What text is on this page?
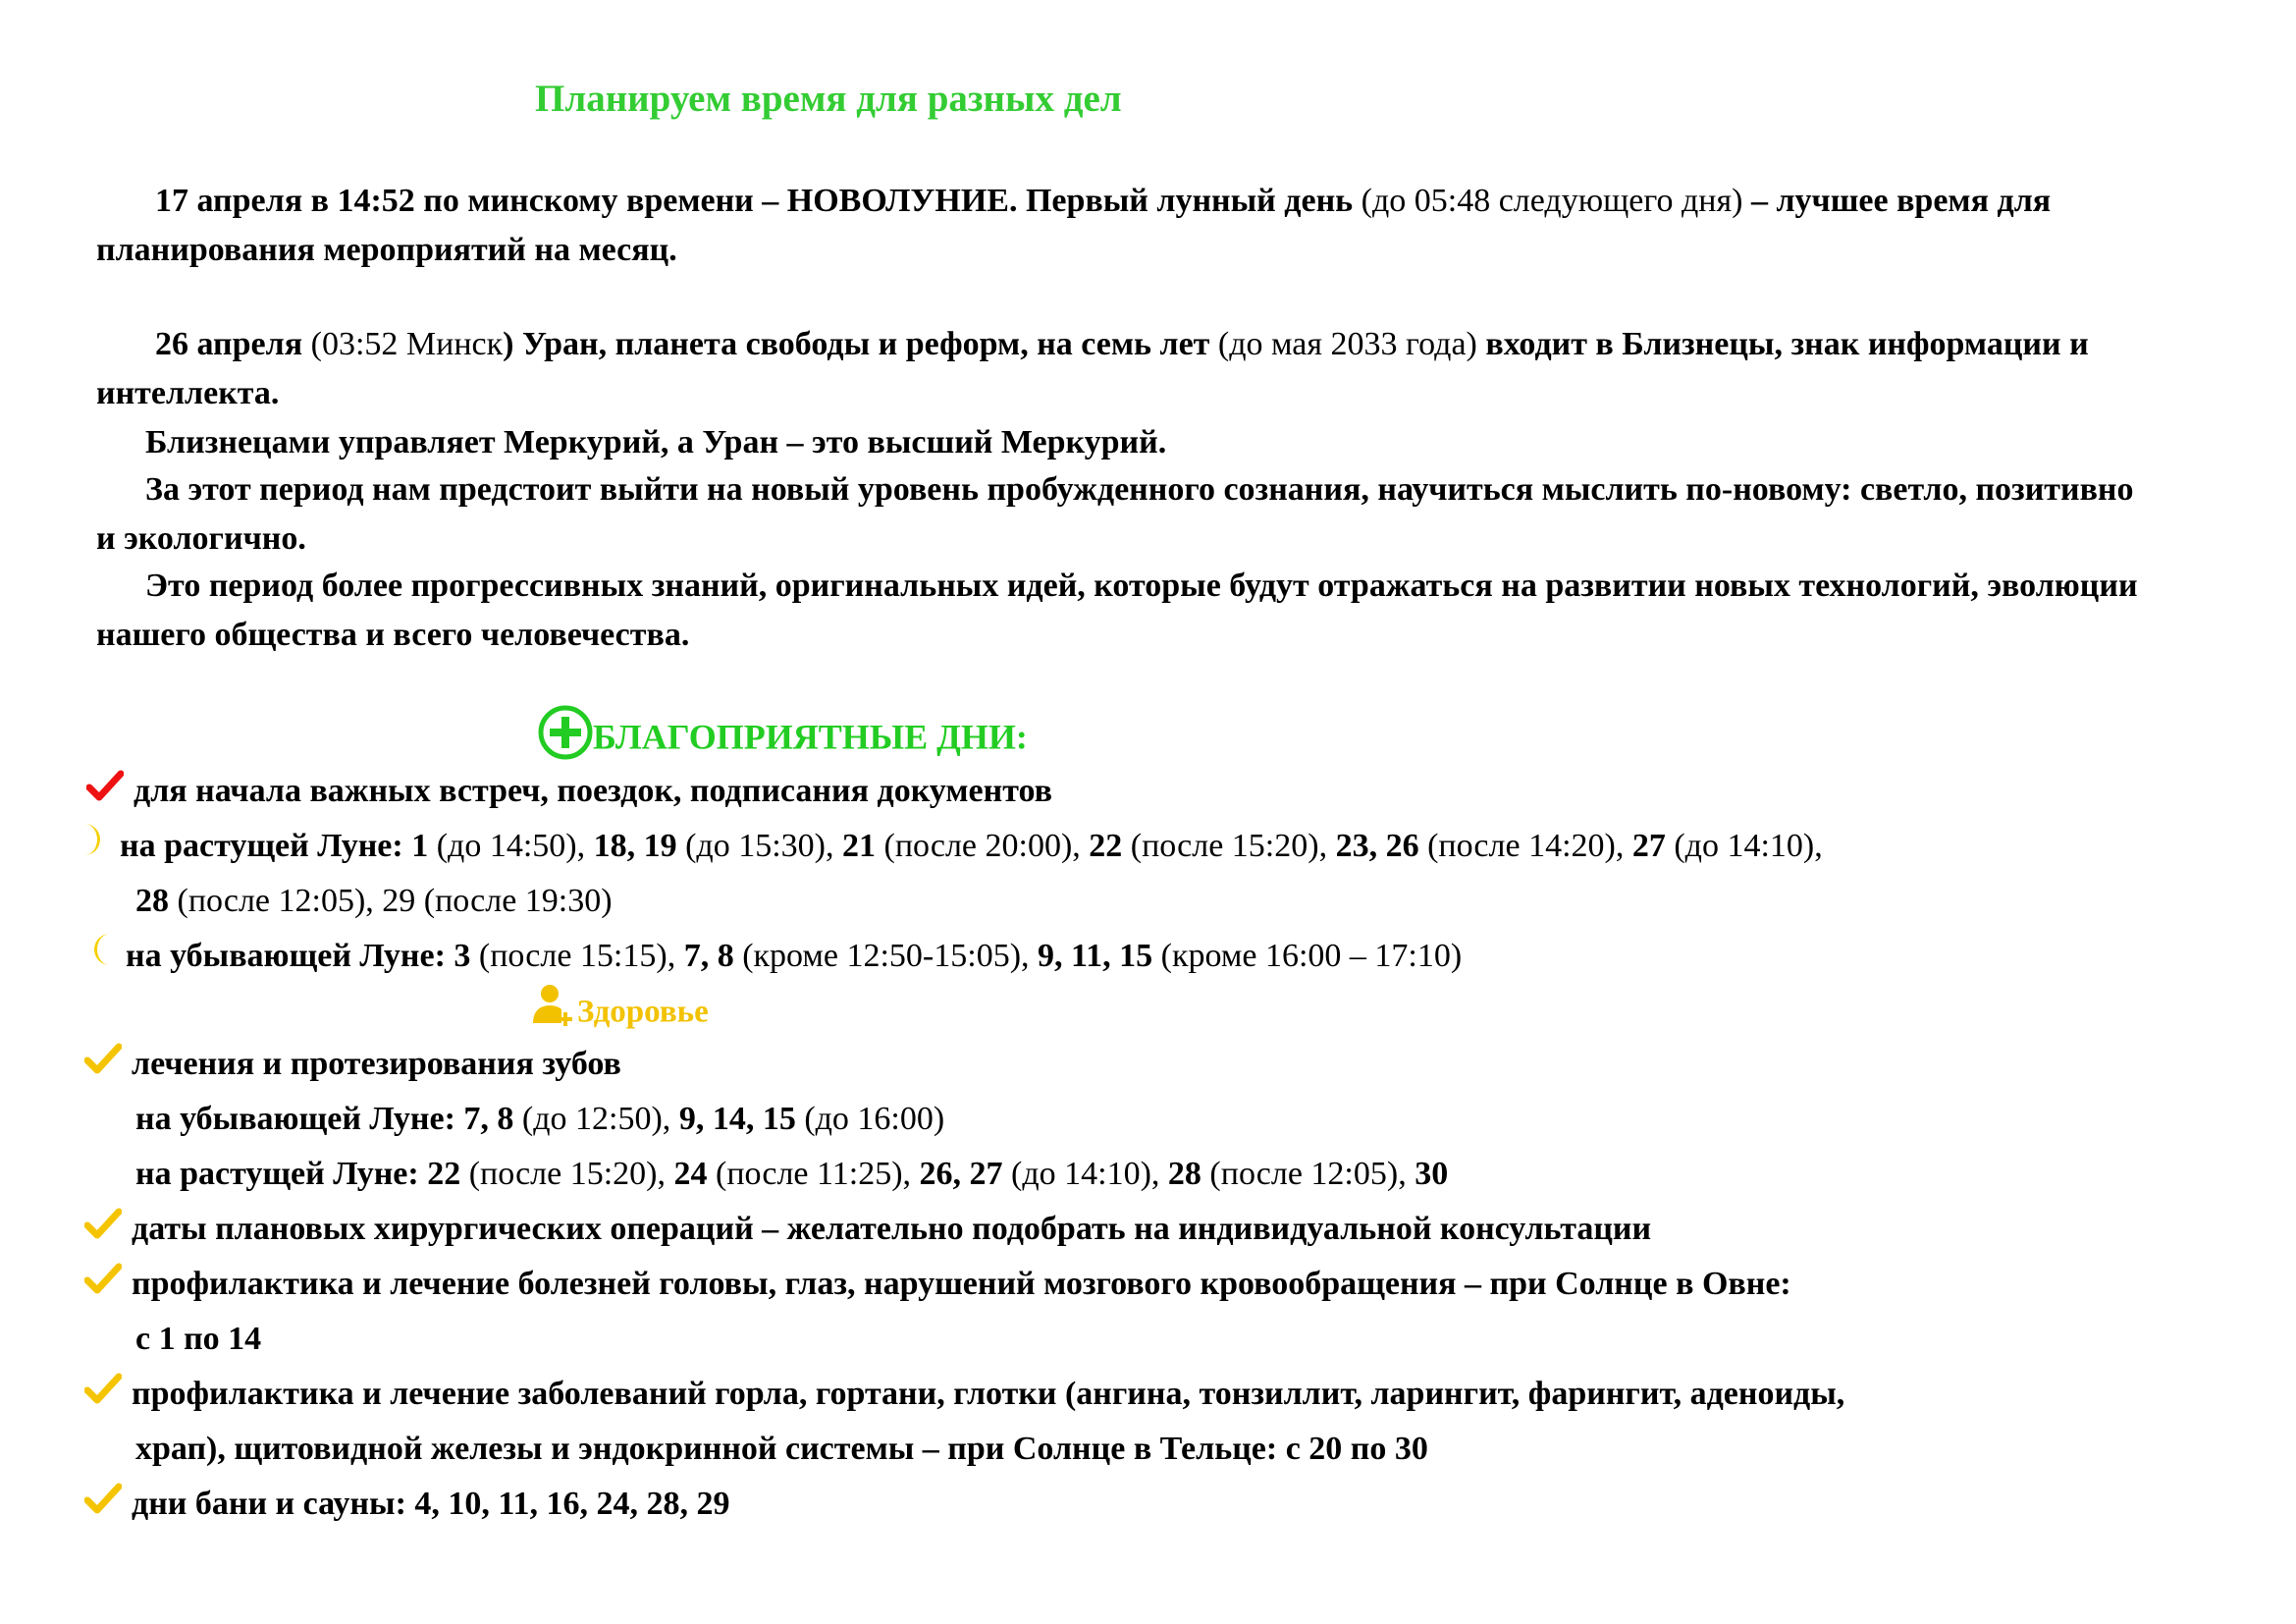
Планируем время для разных дел

17 апреля в 14:52 по минскому времени – НОВОЛУНИЕ. Первый лунный день (до 05:48 следующего дня) – лучшее время для планирования мероприятий на месяц.

26 апреля (03:52 Минск) Уран, планета свободы и реформ, на семь лет (до мая 2033 года) входит в Близнецы, знак информации и интеллекта.

Близнецами управляет Меркурий, а Уран – это высший Меркурий.

За этот период нам предстоит выйти на новый уровень пробужденного сознания, научиться мыслить по-новому: светло, позитивно и экологично.

Это период более прогрессивных знаний, оригинальных идей, которые будут отражаться на развитии новых технологий, эволюции нашего общества и всего человечества.

БЛАГОПРИЯТНЫЕ ДНИ:
для начала важных встреч, поездок, подписания документов
на растущей Луне: 1 (до 14:50), 18, 19 (до 15:30), 21 (после 20:00), 22 (после 15:20), 23, 26 (после 14:20), 27 (до 14:10),
28 (после 12:05), 29 (после 19:30)
на убывающей Луне: 3 (после 15:15), 7, 8 (кроме 12:50-15:05), 9, 11, 15 (кроме 16:00 – 17:10)
Здоровье
лечения и протезирования зубов
на убывающей Луне: 7, 8 (до 12:50), 9, 14, 15 (до 16:00)
на растущей Луне: 22 (после 15:20), 24 (после 11:25), 26, 27 (до 14:10), 28 (после 12:05), 30
даты плановых хирургических операций – желательно подобрать на индивидуальной консультации
профилактика и лечение болезней головы, глаз, нарушений мозгового кровообращения – при Солнце в Овне:
с 1 по 14
профилактика и лечение заболеваний горла, гортани, глотки (ангина, тонзиллит, ларингит, фарингит, аденоиды,
храп), щитовидной железы и эндокринной системы – при Солнце в Тельце: с 20 по 30
дни бани и сауны: 4, 10, 11, 16, 24, 28, 29
